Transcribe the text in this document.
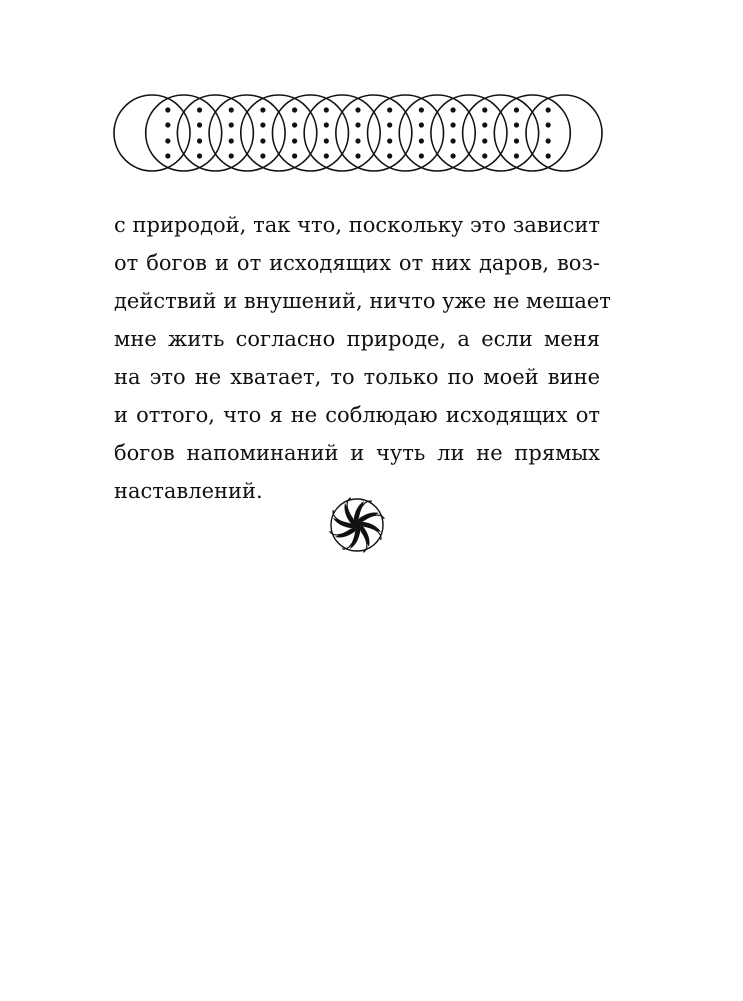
с природой, так что, поскольку это зависит
от богов и от исходящих от них даров, воз-
действий и внушений, ничто уже не мешает
мне жить согласно природе, а если меня
на это не хватает, то только по моей вине
и оттого, что я не соблюдаю исходящих от
богов напоминаний и чуть ли не прямых
наставлений.
